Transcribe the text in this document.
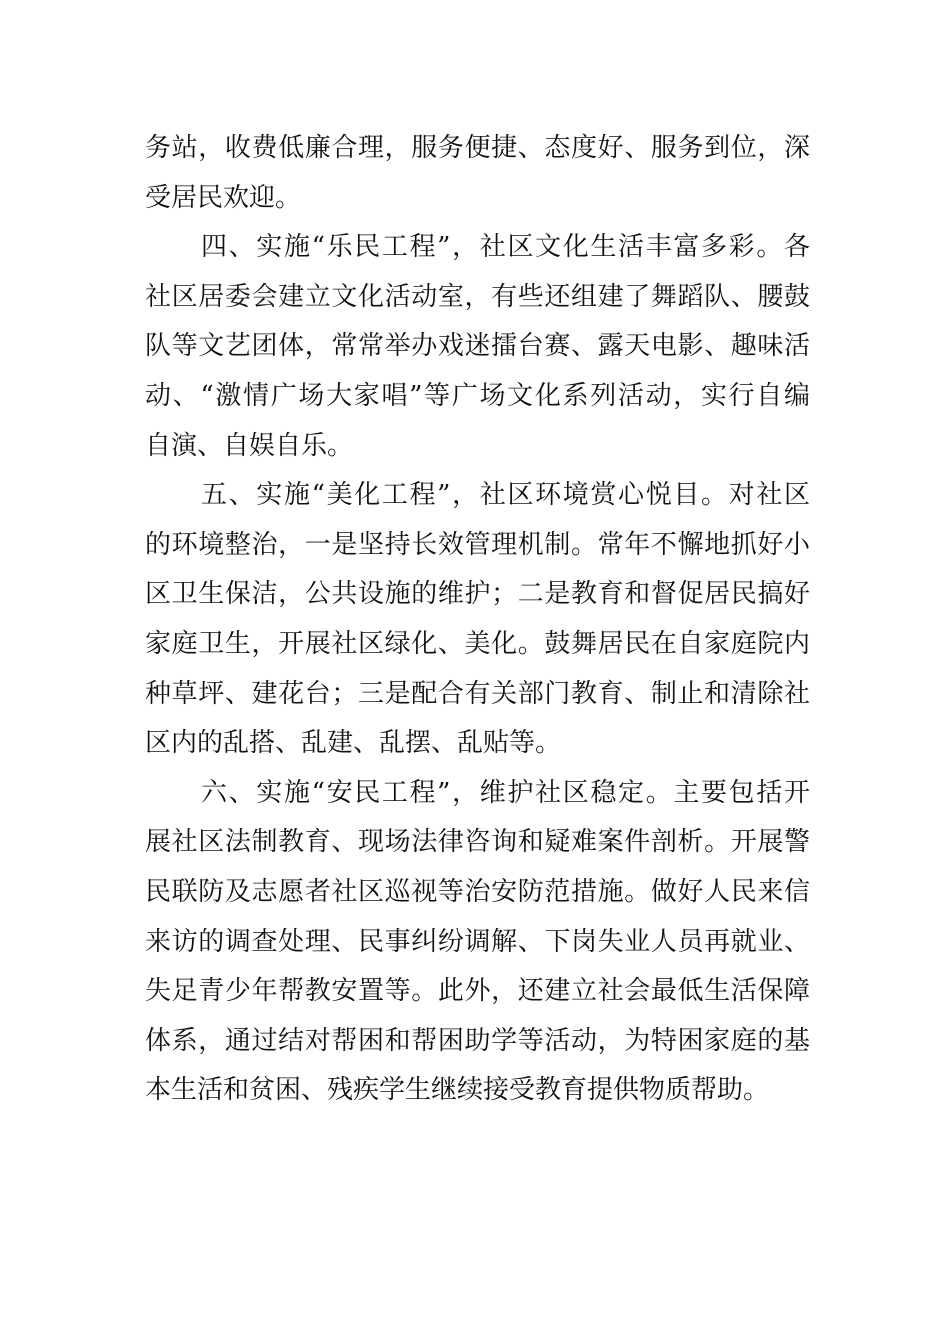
务站，收费低廉合理，服务便捷、态度好、服务到位，深
受居民欢迎。
四、实施“乐民工程”，社区文化生活丰富多彩。各
社区居委会建立文化活动室，有些还组建了舞蹈队、腰鼓
队等文艺团体，常常举办戏迷擂台赛、露天电影、趣味活
动、“激情广场大家唱”等广场文化系列活动，实行自编
自演、自娱自乐。
五、实施“美化工程”，社区环境赏心悦目。对社区
的环境整治，一是坚持长效管理机制。常年不懈地抓好小
区卫生保洁，公共设施的维护；二是教育和督促居民搞好
家庭卫生，开展社区绿化、美化。鼓舞居民在自家庭院内
种草坪、建花台；三是配合有关部门教育、制止和清除社
区内的乱搭、乱建、乱摆、乱贴等。
六、实施“安民工程”，维护社区稳定。主要包括开
展社区法制教育、现场法律咨询和疑难案件剖析。开展警
民联防及志愿者社区巡视等治安防范措施。做好人民来信
来访的调查处理、民事纠纷调解、下岗失业人员再就业、
失足青少年帮教安置等。此外，还建立社会最低生活保障
体系，通过结对帮困和帮困助学等活动，为特困家庭的基
本生活和贫困、残疾学生继续接受教育提供物质帮助。
